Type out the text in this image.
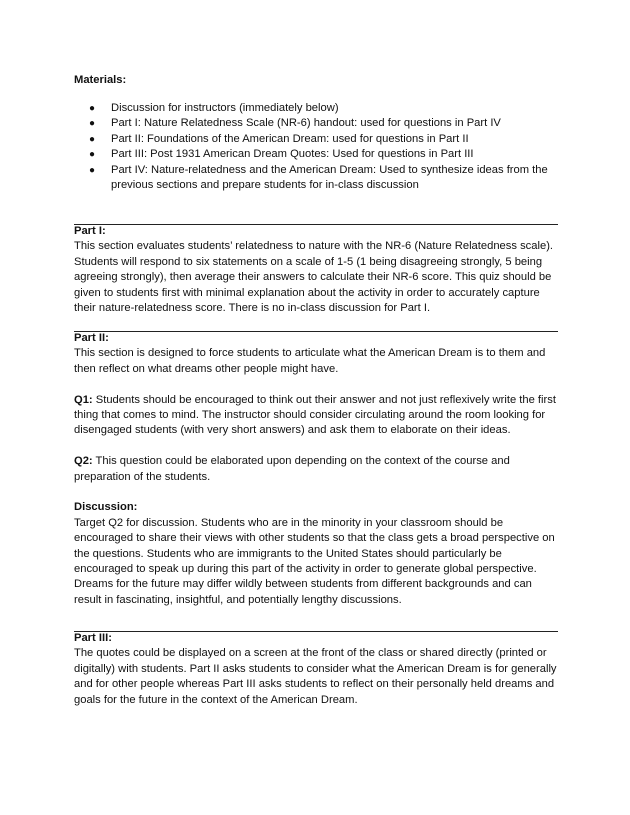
Materials:
● Discussion for instructors (immediately below)
● Part I: Nature Relatedness Scale (NR-6) handout: used for questions in Part IV
● Part II: Foundations of the American Dream: used for questions in Part II
● Part III: Post 1931 American Dream Quotes: Used for questions in Part III
● Part IV: Nature-relatedness and the American Dream: Used to synthesize ideas from the previous sections and prepare students for in-class discussion
Part I:

This section evaluates students’ relatedness to nature with the NR-6 (Nature Relatedness scale). Students will respond to six statements on a scale of 1-5 (1 being disagreeing strongly, 5 being agreeing strongly), then average their answers to calculate their NR-6 score. This quiz should be given to students first with minimal explanation about the activity in order to accurately capture their nature-relatedness score. There is no in-class discussion for Part I.

Part II:

This section is designed to force students to articulate what the American Dream is to them and then reflect on what dreams other people might have.

Q1: Students should be encouraged to think out their answer and not just reflexively write the first thing that comes to mind. The instructor should consider circulating around the room looking for disengaged students (with very short answers) and ask them to elaborate on their ideas.

Q2: This question could be elaborated upon depending on the context of the course and preparation of the students.

Discussion:

Target Q2 for discussion. Students who are in the minority in your classroom should be encouraged to share their views with other students so that the class gets a broad perspective on the questions. Students who are immigrants to the United States should particularly be encouraged to speak up during this part of the activity in order to generate global perspective. Dreams for the future may differ wildly between students from different backgrounds and can result in fascinating, insightful, and potentially lengthy discussions.

Part III:

The quotes could be displayed on a screen at the front of the class or shared directly (printed or digitally) with students. Part II asks students to consider what the American Dream is for generally and for other people whereas Part III asks students to reflect on their personally held dreams and goals for the future in the context of the American Dream.
